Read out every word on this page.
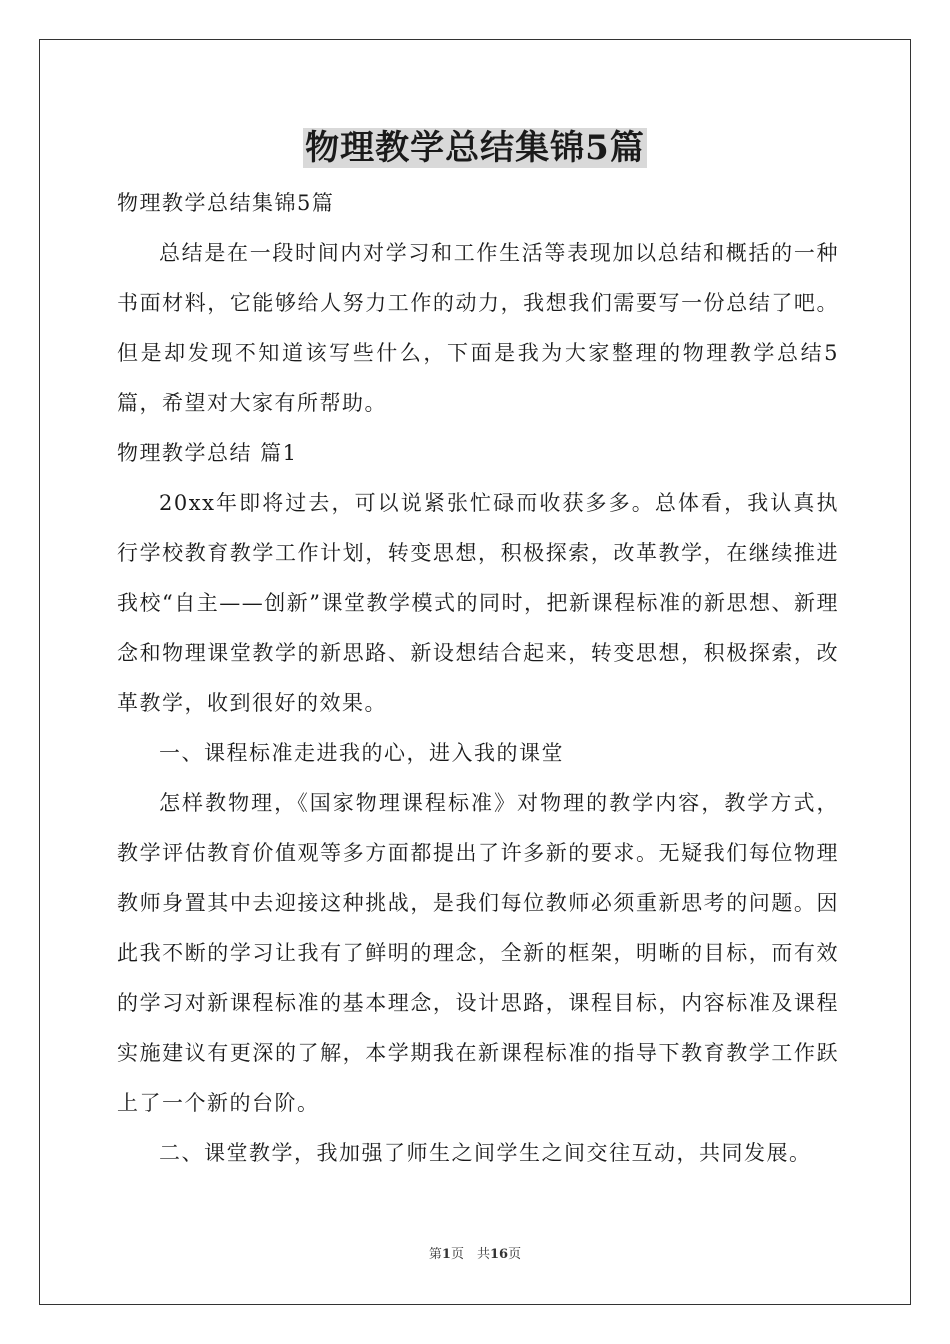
物理教学总结集锦5篇

物理教学总结集锦5篇

总结是在一段时间内对学习和工作生活等表现加以总结和概括的一种书面材料，它能够给人努力工作的动力，我想我们需要写一份总结了吧。但是却发现不知道该写些什么，下面是我为大家整理的物理教学总结5篇，希望对大家有所帮助。

物理教学总结 篇1

20xx年即将过去，可以说紧张忙碌而收获多多。总体看，我认真执行学校教育教学工作计划，转变思想，积极探索，改革教学，在继续推进我校“自主——创新”课堂教学模式的同时，把新课程标准的新思想、新理念和物理课堂教学的新思路、新设想结合起来，转变思想，积极探索，改革教学，收到很好的效果。

一、课程标准走进我的心，进入我的课堂

怎样教物理，《国家物理课程标准》对物理的教学内容，教学方式，教学评估教育价值观等多方面都提出了许多新的要求。无疑我们每位物理教师身置其中去迎接这种挑战，是我们每位教师必须重新思考的问题。因此我不断的学习让我有了鲜明的理念，全新的框架，明晰的目标，而有效的学习对新课程标准的基本理念，设计思路，课程目标，内容标准及课程实施建议有更深的了解，本学期我在新课程标准的指导下教育教学工作跃上了一个新的台阶。

二、课堂教学，我加强了师生之间学生之间交往互动，共同发展。

第1页　共16页
